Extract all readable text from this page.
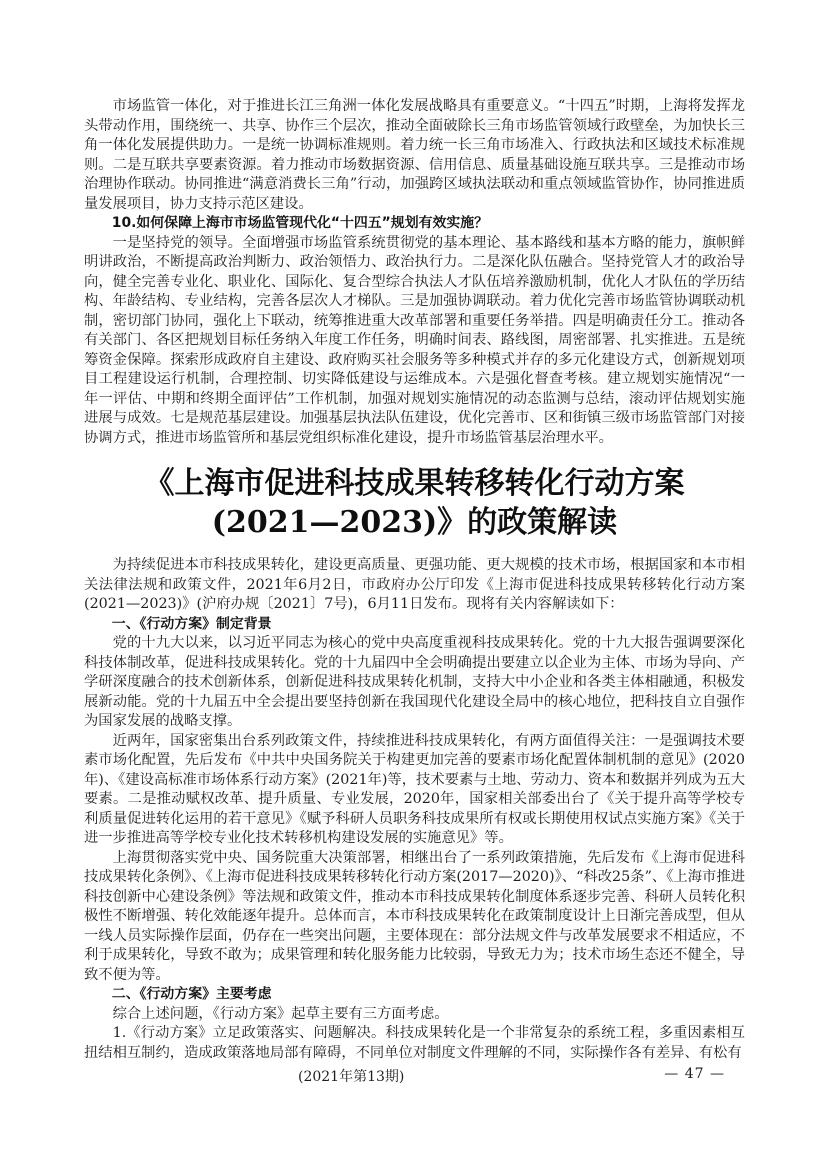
市场监管一体化，对于推进长江三角洲一体化发展战略具有重要意义。“十四五”时期，上海将发挥龙头带动作用，围绕统一、共享、协作三个层次，推动全面破除长三角市场监管领域行政壁垒，为加快长三角一体化发展提供助力。一是统一协调标准规则。着力统一长三角市场准入、行政执法和区域技术标准规则。二是互联共享要素资源。着力推动市场数据资源、信用信息、质量基础设施互联共享。三是推动市场治理协作联动。协同推进“满意消费长三角”行动，加强跨区域执法联动和重点领域监管协作，协同推进质量发展项目，协力支持示范区建设。

10.如何保障上海市市场监管现代化“十四五”规划有效实施？

一是坚持党的领导。全面增强市场监管系统贯彻党的基本理论、基本路线和基本方略的能力，旗帜鲜明讲政治，不断提高政治判断力、政治领悟力、政治执行力。二是深化队伍融合。坚持党管人才的政治导向，健全完善专业化、职业化、国际化、复合型综合执法人才队伍培养激励机制，优化人才队伍的学历结构、年龄结构、专业结构，完善各层次人才梯队。三是加强协调联动。着力优化完善市场监管协调联动机制，密切部门协同，强化上下联动，统筹推进重大改革部署和重要任务举措。四是明确责任分工。推动各有关部门、各区把规划目标任务纳入年度工作任务，明确时间表、路线图，周密部署、扎实推进。五是统筹资金保障。探索形成政府自主建设、政府购买社会服务等多种模式并存的多元化建设方式，创新规划项目工程建设运行机制，合理控制、切实降低建设与运维成本。六是强化督查考核。建立规划实施情况“一年一评估、中期和终期全面评估”工作机制，加强对规划实施情况的动态监测与总结，滚动评估规划实施进展与成效。七是规范基层建设。加强基层执法队伍建设，优化完善市、区和街镇三级市场监管部门对接协调方式，推进市场监管所和基层党组织标准化建设，提升市场监管基层治理水平。

《上海市促进科技成果转移转化行动方案
(2021—2023)》的政策解读

为持续促进本市科技成果转化，建设更高质量、更强功能、更大规模的技术市场，根据国家和本市相关法律法规和政策文件，2021年6月2日，市政府办公厅印发《上海市促进科技成果转移转化行动方案(2021—2023)》(沪府办规〔2021〕7号)，6月11日发布。现将有关内容解读如下：

一、《行动方案》制定背景

党的十九大以来，以习近平同志为核心的党中央高度重视科技成果转化。党的十九大报告强调要深化科技体制改革，促进科技成果转化。党的十九届四中全会明确提出要建立以企业为主体、市场为导向、产学研深度融合的技术创新体系，创新促进科技成果转化机制，支持大中小企业和各类主体相融通，积极发展新动能。党的十九届五中全会提出要坚持创新在我国现代化建设全局中的核心地位，把科技自立自强作为国家发展的战略支撑。

近两年，国家密集出台系列政策文件，持续推进科技成果转化，有两方面值得关注：一是强调技术要素市场化配置，先后发布《中共中央国务院关于构建更加完善的要素市场化配置体制机制的意见》(2020年)、《建设高标准市场体系行动方案》(2021年)等，技术要素与土地、劳动力、资本和数据并列成为五大要素。二是推动赋权改革、提升质量、专业发展，2020年，国家相关部委出台了《关于提升高等学校专利质量促进转化运用的若干意见》《赋予科研人员职务科技成果所有权或长期使用权试点实施方案》《关于进一步推进高等学校专业化技术转移机构建设发展的实施意见》等。

上海贯彻落实党中央、国务院重大决策部署，相继出台了一系列政策措施，先后发布《上海市促进科技成果转化条例》、《上海市促进科技成果转移转化行动方案(2017—2020)》、“科改25条”、《上海市推进科技创新中心建设条例》等法规和政策文件，推动本市科技成果转化制度体系逐步完善、科研人员转化积极性不断增强、转化效能逐年提升。总体而言，本市科技成果转化在政策制度设计上日渐完善成型，但从一线人员实际操作层面，仍存在一些突出问题，主要体现在：部分法规文件与改革发展要求不相适应，不利于成果转化，导致不敢为；成果管理和转化服务能力比较弱，导致无力为；技术市场生态还不健全，导致不便为等。

二、《行动方案》主要考虑

综合上述问题，《行动方案》起草主要有三方面考虑。

1.《行动方案》立足政策落实、问题解决。科技成果转化是一个非常复杂的系统工程，多重因素相互扭结相互制约，造成政策落地局部有障碍，不同单位对制度文件理解的不同，实际操作各有差异、有松有

(2021年第13期)	— 47 —
